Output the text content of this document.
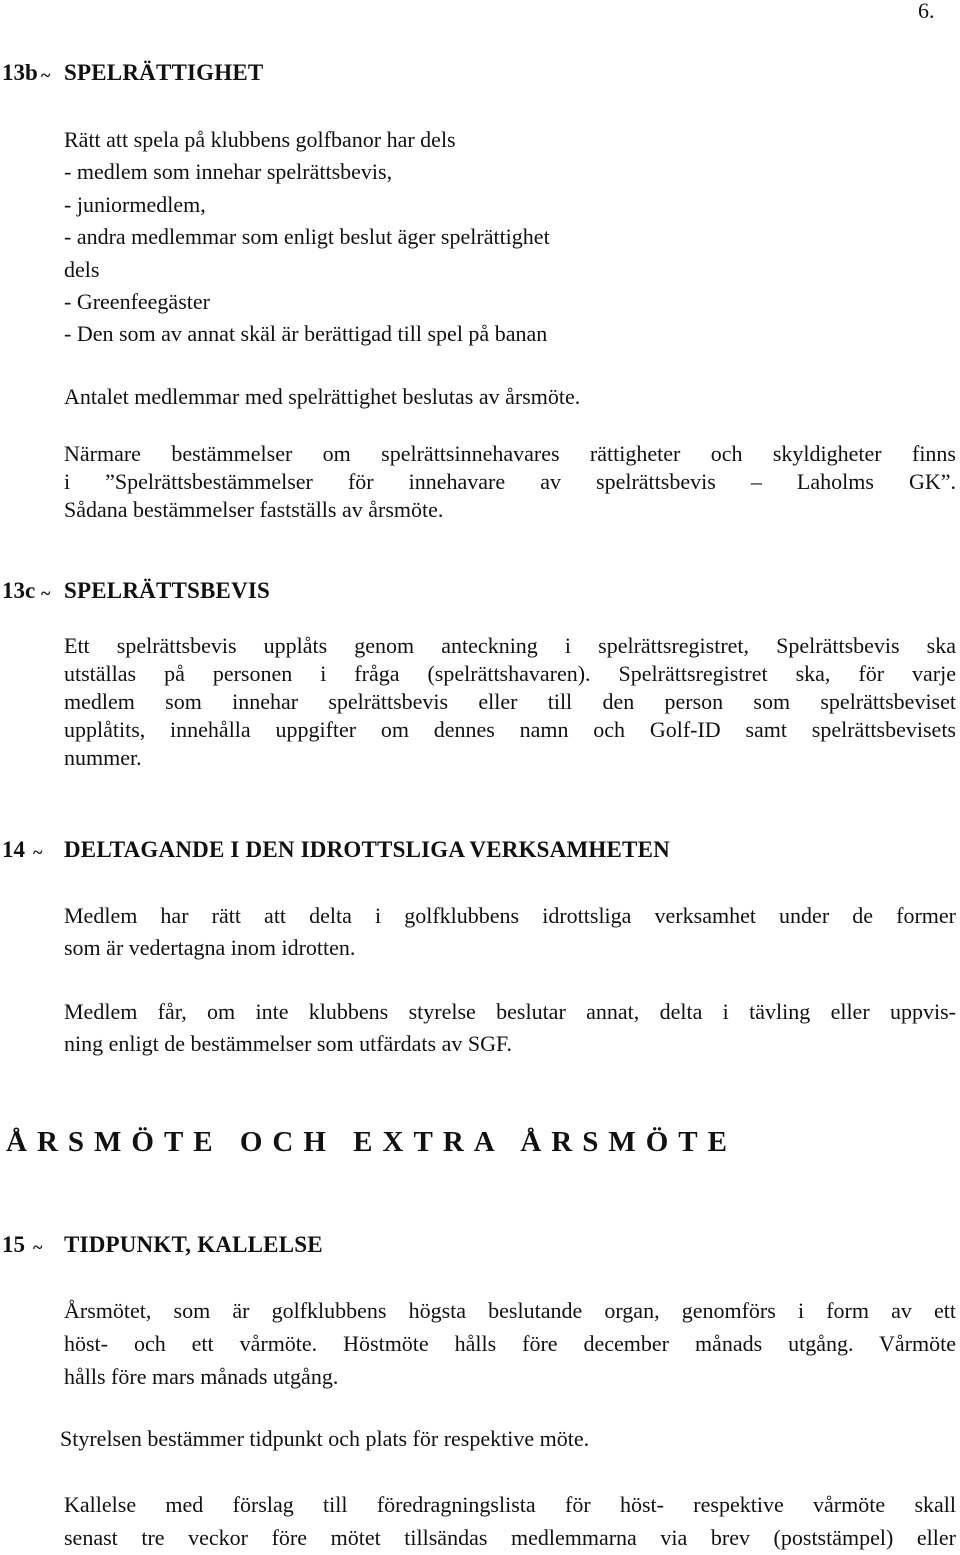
6.
13b ~ SPELRÄTTIGHET
Rätt att spela på klubbens golfbanor har dels
- medlem som innehar spelrättsbevis,
- juniormedlem,
- andra medlemmar som enligt beslut äger spelrättighet
dels
- Greenfeegäster
- Den som av annat skäl är berättigad till spel på banan
Antalet medlemmar med spelrättighet beslutas av årsmöte.
Närmare bestämmelser om spelrättsinnehavares rättigheter och skyldigheter finns
i ”Spelrättsbestämmelser för innehavare av spelrättsbevis – Laholms GK”.
Sådana bestämmelser fastställs av årsmöte.
13c ~ SPELRÄTTSBEVIS
Ett spelrättsbevis upplåts genom anteckning i spelrättsregistret, Spelrättsbevis ska
utställas på personen i fråga (spelrättshavaren). Spelrättsregistret ska, för varje
medlem som innehar spelrättsbevis eller till den person som spelrättsbeviset
upplåtits, innehålla uppgifter om dennes namn och Golf-ID samt spelrättsbevisets
nummer.
14 ~ DELTAGANDE I DEN IDROTTSLIGA VERKSAMHETEN
Medlem har rätt att delta i golfklubbens idrottsliga verksamhet under de former
som är vedertagna inom idrotten.
Medlem får, om inte klubbens styrelse beslutar annat, delta i tävling eller uppvis-
ning enligt de bestämmelser som utfärdats av SGF.
ÅRSMÖTE OCH EXTRA ÅRSMÖTE
15 ~ TIDPUNKT, KALLELSE
Årsmötet, som är golfklubbens högsta beslutande organ, genomförs i form av ett
höst- och ett vårmöte. Höstmöte hålls före december månads utgång. Vårmöte
hålls före mars månads utgång.
Styrelsen bestämmer tidpunkt och plats för respektive möte.
Kallelse med förslag till föredragningslista för höst- respektive vårmöte skall
senast tre veckor före mötet tillsändas medlemmarna via brev (poststämpel) eller
